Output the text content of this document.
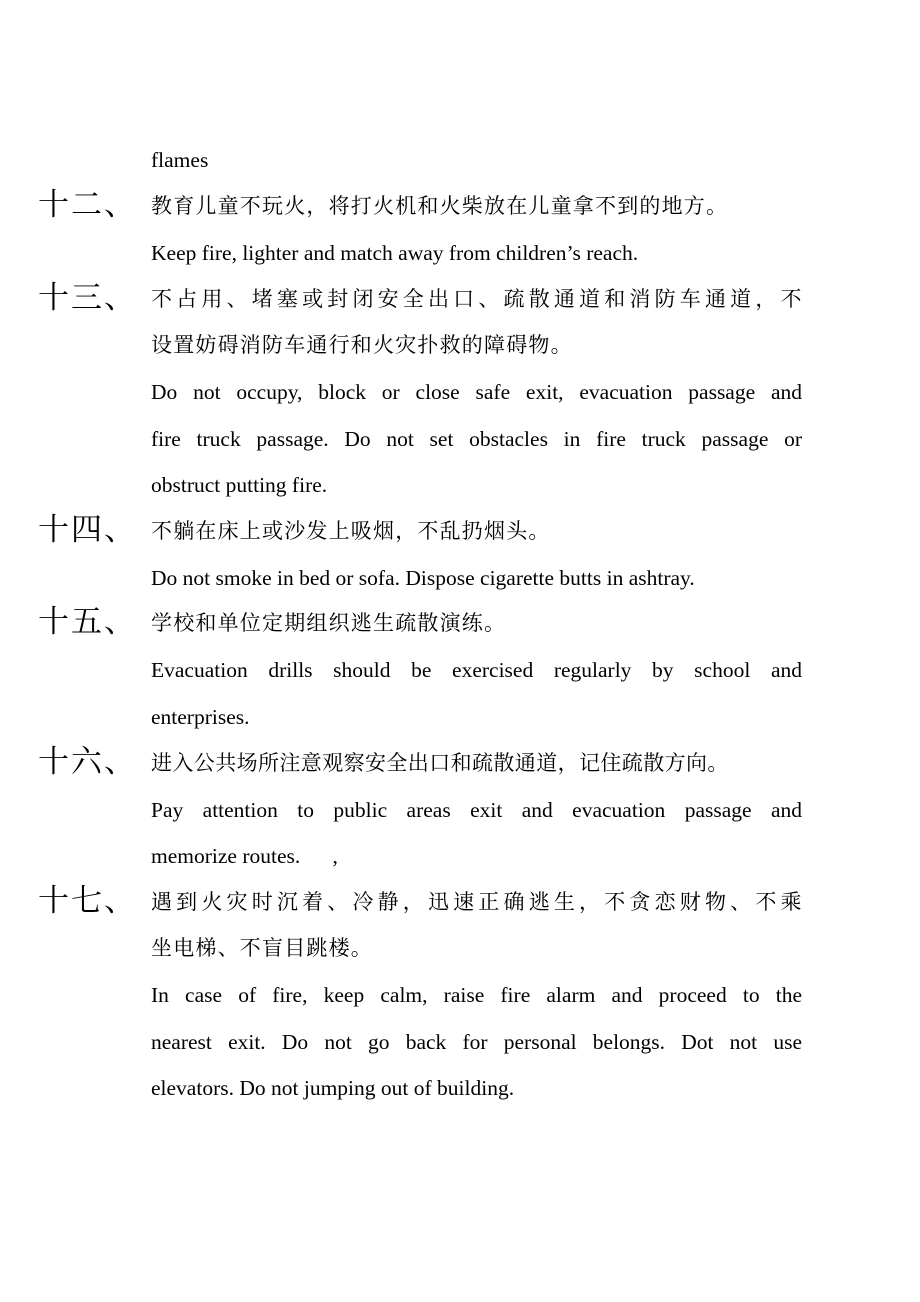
flames
十二、 教育儿童不玩火，将打火机和火柴放在儿童拿不到的地方。
Keep fire, lighter and match away from children’s reach.
十三、 不占用、堵塞或封闭安全出口、疏散通道和消防车通道，不
设置妨碍消防车通行和火灾扑救的障碍物。
Do not occupy, block or close safe exit, evacuation passage and
fire truck passage. Do not set obstacles in fire truck passage or
obstruct putting fire.
十四、 不躺在床上或沙发上吸烟，不乱扔烟头。
Do not smoke in bed or sofa. Dispose cigarette butts in ashtray.
十五、 学校和单位定期组织逃生疏散演练。
Evacuation drills should be exercised regularly by school and
enterprises.
十六、 进入公共场所注意观察安全出口和疏散通道，记住疏散方向。
Pay attention to public areas exit and evacuation passage and
memorize routes.      ,
十七、 遇到火灾时沉着、冷静，迅速正确逃生，不贪恋财物、不乘
坐电梯、不盲目跳楼。
In case of fire, keep calm, raise fire alarm and proceed to the
nearest exit. Do not go back for personal belongs. Dot not use
elevators. Do not jumping out of building.
